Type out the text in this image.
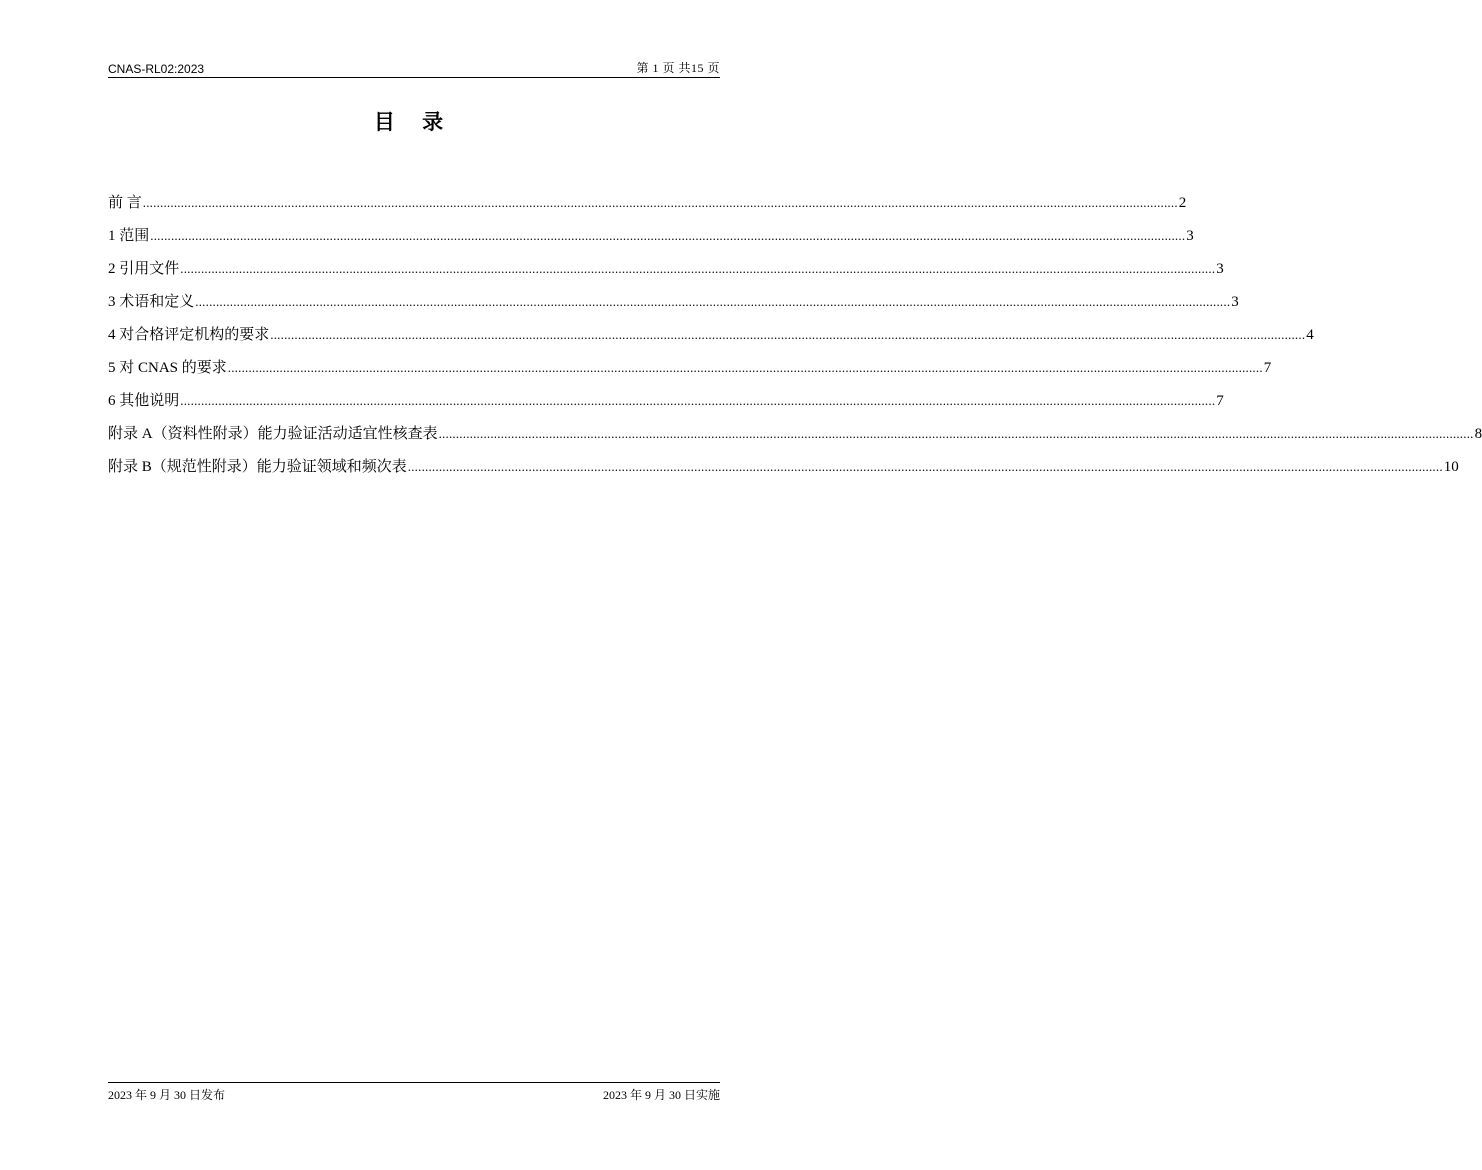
CNAS-RL02:2023	第 1 页 共15 页
目 录
前 言 ............................................................................................................................................................................................................................................................................................................ 2
1 范围 ............................................................................................................................................................................................................................................................................................................ 3
2 引用文件 ............................................................................................................................................................................................................................................................................................................ 3
3 术语和定义 ............................................................................................................................................................................................................................................................................................................ 3
4 对合格评定机构的要求 ............................................................................................................................................................................................................................................................................................................ 4
5 对 CNAS 的要求 ............................................................................................................................................................................................................................................................................................................ 7
6 其他说明 ............................................................................................................................................................................................................................................................................................................ 7
附录 A（资料性附录）能力验证活动适宜性核查表 ............................................................................................................................................................................................................................................................................................................ 8
附录 B（规范性附录）能力验证领域和频次表 ............................................................................................................................................................................................................................................................................................................ 10
2023 年 9 月 30 日发布	2023 年 9 月 30 日实施
